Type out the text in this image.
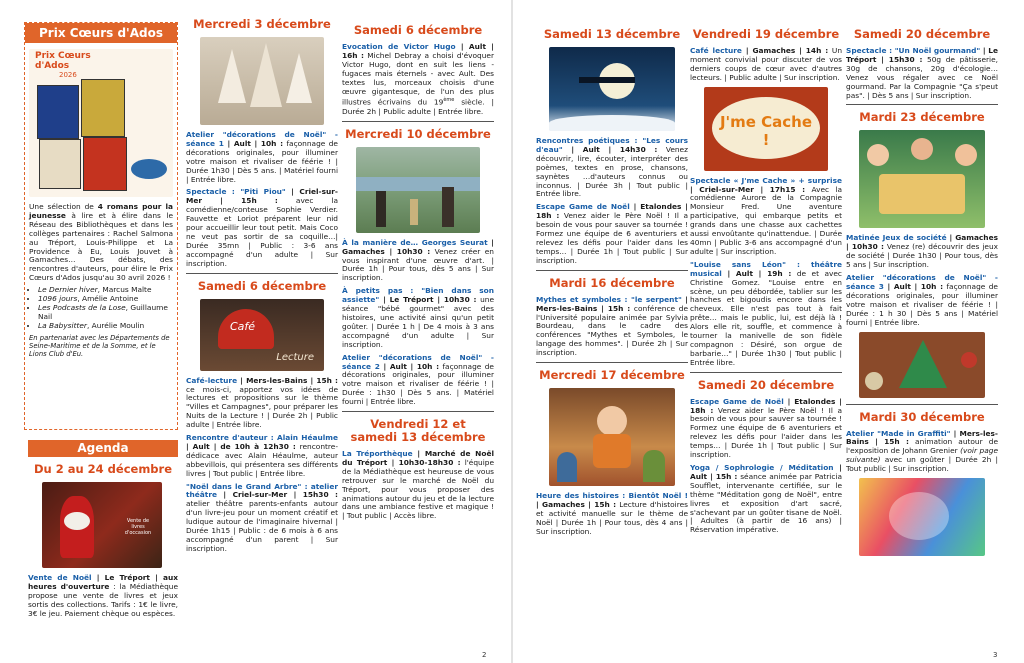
Prix Cœurs d'Ados
Prix Cœurs d'Ados
2026

Une sélection de 4 romans pour la jeunesse à lire et à élire dans le Réseau des Bibliothèques et dans les collèges partenaires : Rachel Salmona au Tréport, Louis-Philippe et La Providence à Eu, Louis Jouvet à Gamaches… Des débats, des rencontres d'auteurs, pour élire le Prix Cœurs d'Ados jusqu'au 30 avril 2026 !

• Le Dernier hiver, Marcus Malte
• 1096 jours, Amélie Antoine
• Les Podcasts de la Lose, Guillaume Nail
• La Babysitter, Aurélie Moulin

En partenariat avec les Départements de Seine-Maritime et de la Somme, et le Lions Club d'Eu.

Agenda
Du 2 au 24 décembre
Vente de livres d'occasion

Vente de Noël | Le Tréport | aux heures d'ouverture : la Médiathèque propose une vente de livres et jeux sortis des collections. Tarifs : 1€ le livre, 3€ le jeu. Paiement chèque ou espèces.

Mercredi 3 décembre

Atelier "décorations de Noël" - séance 1 | Ault | 10h : façonnage de décorations originales, pour illuminer votre maison et rivaliser de féérie ! | Durée 1h30 | Dès 5 ans. | Matériel fourni | Entrée libre.

Spectacle : "Piti Piou" | Criel-sur-Mer | 15h : avec la comédienne/conteuse Sophie Verdier. Fauvette et Loriot préparent leur nid pour accueillir leur tout petit. Mais Coco ne veut pas sortir de sa coquille…| Durée 35mn | Public : 3-6 ans accompagné d'un adulte | Sur inscription.

Samedi 6 décembre
Café
Lecture

Café-lecture | Mers-les-Bains | 15h : ce mois-ci, apportez vos idées de lectures et propositions sur le thème "Villes et Campagnes", pour préparer les Nuits de la Lecture ! | Durée 2h | Public adulte | Entrée libre.

Rencontre d'auteur : Alain Héaulme | Ault | de 10h à 12h30 : rencontre-dédicace avec Alain Héaulme, auteur abbevillois, qui présentera ses différents livres | Tout public | Entrée libre.

"Noël dans le Grand Arbre" : atelier théâtre | Criel-sur-Mer | 15h30 : atelier théâtre parents-enfants autour d'un livre-jeu pour un moment créatif et ludique autour de l'imaginaire hivernal | Durée 1h15 | Public : de 6 mois à 6 ans accompagné d'un parent | Sur inscription.

Samedi 6 décembre

Evocation de Victor Hugo | Ault | 16h : Michel Debray a choisi d'évoquer Victor Hugo, dont en suit les liens - fugaces mais éternels - avec Ault. Des textes lus, morceaux choisis d'une œuvre gigantesque, de l'un des plus illustres écrivains du 19ème siècle. | Durée 2h | Public adulte | Entrée libre.

Mercredi 10 décembre

À la manière de… Georges Seurat | Gamaches | 10h30 : Venez créer en vous inspirant d'une œuvre d'art. | Durée 1h | Pour tous, dès 5 ans | Sur inscription.

À petits pas : "Bien dans son assiette" | Le Tréport | 10h30 : une séance "bébé gourmet" avec des histoires, une activité ainsi qu'un petit goûter. | Durée 1 h | De 4 mois à 3 ans accompagné d'un adulte | Sur inscription.

Atelier "décorations de Noël" - séance 2 | Ault | 10h : façonnage de décorations originales, pour illuminer votre maison et rivaliser de féérie ! | Durée : 1h30 | Dès 5 ans. | Matériel fourni | Entrée libre.

Vendredi 12 et
samedi 13 décembre

La Tréporthèque | Marché de Noël du Tréport | 10h30-18h30 : l'équipe de la Médiathèque est heureuse de vous retrouver sur le marché de Noël du Tréport, pour vous proposer des animations autour du jeu et de la lecture dans une ambiance festive et magique ! | Tout public | Accès libre.

2
Samedi 13 décembre

Rencontres poétiques : "Les cours d'eau" | Ault | 14h30 : Venez découvrir, lire, écouter, interpréter des poèmes, textes en prose, chansons, saynètes …d'auteurs connus ou inconnus. | Durée 3h | Tout public | Entrée libre.

Escape Game de Noël | Etalondes | 18h : Venez aider le Père Noël ! Il a besoin de vous pour sauver sa tournée ! Formez une équipe de 6 aventuriers et relevez les défis pour l'aider dans les temps… | Durée 1h | Tout public | Sur inscription.

Mardi 16 décembre

Mythes et symboles : "le serpent" | Mers-les-Bains | 15h : conférence de l'Université populaire animée par Sylvia Bourdeau, dans le cadre des conférences "Mythes et Symboles, le langage des hommes". | Durée 2h | Sur inscription.

Mercredi 17 décembre

Heure des histoires : Bientôt Noël ! | Gamaches | 15h : Lecture d'histoires et activité manuelle sur le thème de Noël | Durée 1h | Pour tous, dès 4 ans | Sur inscription.

Vendredi 19 décembre

Café lecture | Gamaches | 14h : Un moment convivial pour discuter de vos derniers coups de cœur avec d'autres lecteurs. | Public adulte | Sur inscription.

J'me Cache !

Spectacle « J'me Cache » + surprise | Criel-sur-Mer | 17h15 : Avec la comédienne Aurore de la Compagnie Monsieur Fred. Une aventure participative, qui embarque petits et grands dans une chasse aux cachettes aussi envoûtante qu'inattendue. | Durée 40mn | Public 3-6 ans accompagné d'un adulte | Sur inscription.

"Louise sans Léon" : théâtre musical | Ault | 19h : de et avec Christine Gomez. "Louise entre en scène, un peu débordée, tablier sur les hanches et bigoudis encore dans les cheveux. Elle n'est pas tout à fait prête… mais le public, lui, est déjà là ! Alors elle rit, souffle, et commence à tourner la manivelle de son fidèle compagnon : Désiré, son orgue de barbarie…" | Durée 1h30 | Tout public | Entrée libre.

Samedi 20 décembre

Escape Game de Noël | Etalondes | 18h : Venez aider le Père Noël ! Il a besoin de vous pour sauver sa tournée ! Formez une équipe de 6 aventuriers et relevez les défis pour l'aider dans les temps… | Durée 1h | Tout public | Sur inscription.

Yoga / Sophrologie / Méditation | Ault | 15h : séance animée par Patricia Soufflet, intervenante certifiée, sur le thème "Méditation gong de Noël", entre livres et exposition d'art sacré, s'achevant par un goûter tisane de Noël. | Adultes (à partir de 16 ans) | Réservation impérative.

Samedi 20 décembre

Spectacle : "Un Noël gourmand" | Le Tréport | 15h30 : 50g de pâtisserie, 30g de chansons, 20g d'écologie… Venez vous régaler avec ce Noël gourmand. Par la Compagnie "Ça s'peut pas". | Dès 5 ans | Sur inscription.

Mardi 23 décembre

Matinée Jeux de société | Gamaches | 10h30 : Venez (re) découvrir des jeux de société | Durée 1h30 | Pour tous, dès 5 ans | Sur inscription.

Atelier "décorations de Noël" - séance 3 | Ault | 10h : façonnage de décorations originales, pour illuminer votre maison et rivaliser de féérie ! | Durée : 1 h 30 | Dès 5 ans | Matériel fourni | Entrée libre.

Mardi 30 décembre

Atelier "Made in Graffiti" | Mers-les-Bains | 15h : animation autour de l'exposition de Johann Grenier (voir page suivante) avec un goûter | Durée 2h | Tout public | Sur inscription.

3
